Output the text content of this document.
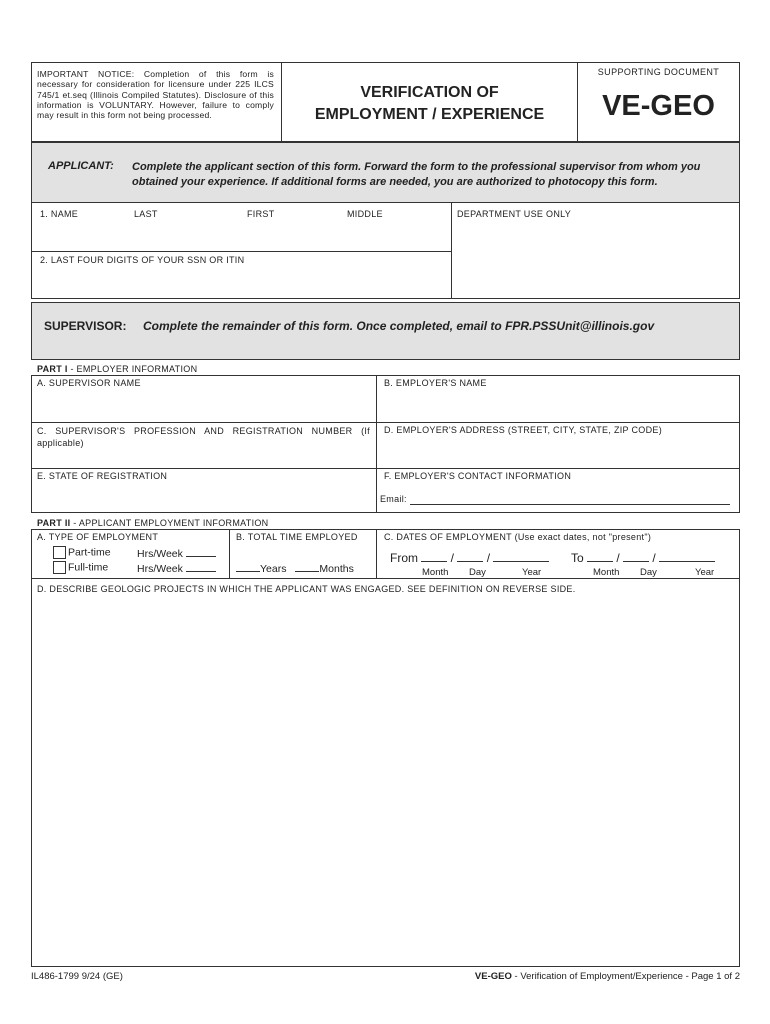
IMPORTANT NOTICE: Completion of this form is necessary for consideration for licensure under 225 ILCS 745/1 et.seq (Illinois Compiled Statutes). Disclosure of this information is VOLUNTARY. However, failure to comply may result in this form not being processed.
VERIFICATION OF
EMPLOYMENT / EXPERIENCE
SUPPORTING DOCUMENT
VE-GEO
APPLICANT: Complete the applicant section of this form. Forward the form to the professional supervisor from whom you obtained your experience. If additional forms are needed, you are authorized to photocopy this form.
1. NAME	LAST	FIRST	MIDDLE	DEPARTMENT USE ONLY
2. LAST FOUR DIGITS OF YOUR SSN OR ITIN
SUPERVISOR: Complete the remainder of this form. Once completed, email to FPR.PSSUnit@illinois.gov
PART I - EMPLOYER INFORMATION
A. SUPERVISOR NAME	B. EMPLOYER'S NAME
C. SUPERVISOR'S PROFESSION AND REGISTRATION NUMBER (If applicable)
D. EMPLOYER'S ADDRESS (STREET, CITY, STATE, ZIP CODE)
E. STATE OF REGISTRATION	F. EMPLOYER'S CONTACT INFORMATION
Email:
PART II - APPLICANT EMPLOYMENT INFORMATION
A. TYPE OF EMPLOYMENT
Part-time	Hrs/Week
Full-time	Hrs/Week
B. TOTAL TIME EMPLOYED
Years	Months
C. DATES OF EMPLOYMENT (Use exact dates, not "present")
From  /  /	To  /  /
Month Day	Year	Month Day	Year
D. DESCRIBE GEOLOGIC PROJECTS IN WHICH THE APPLICANT WAS ENGAGED. SEE DEFINITION ON REVERSE SIDE.
IL486-1799 9/24 (GE)	VE-GEO - Verification of Employment/Experience - Page 1 of 2
